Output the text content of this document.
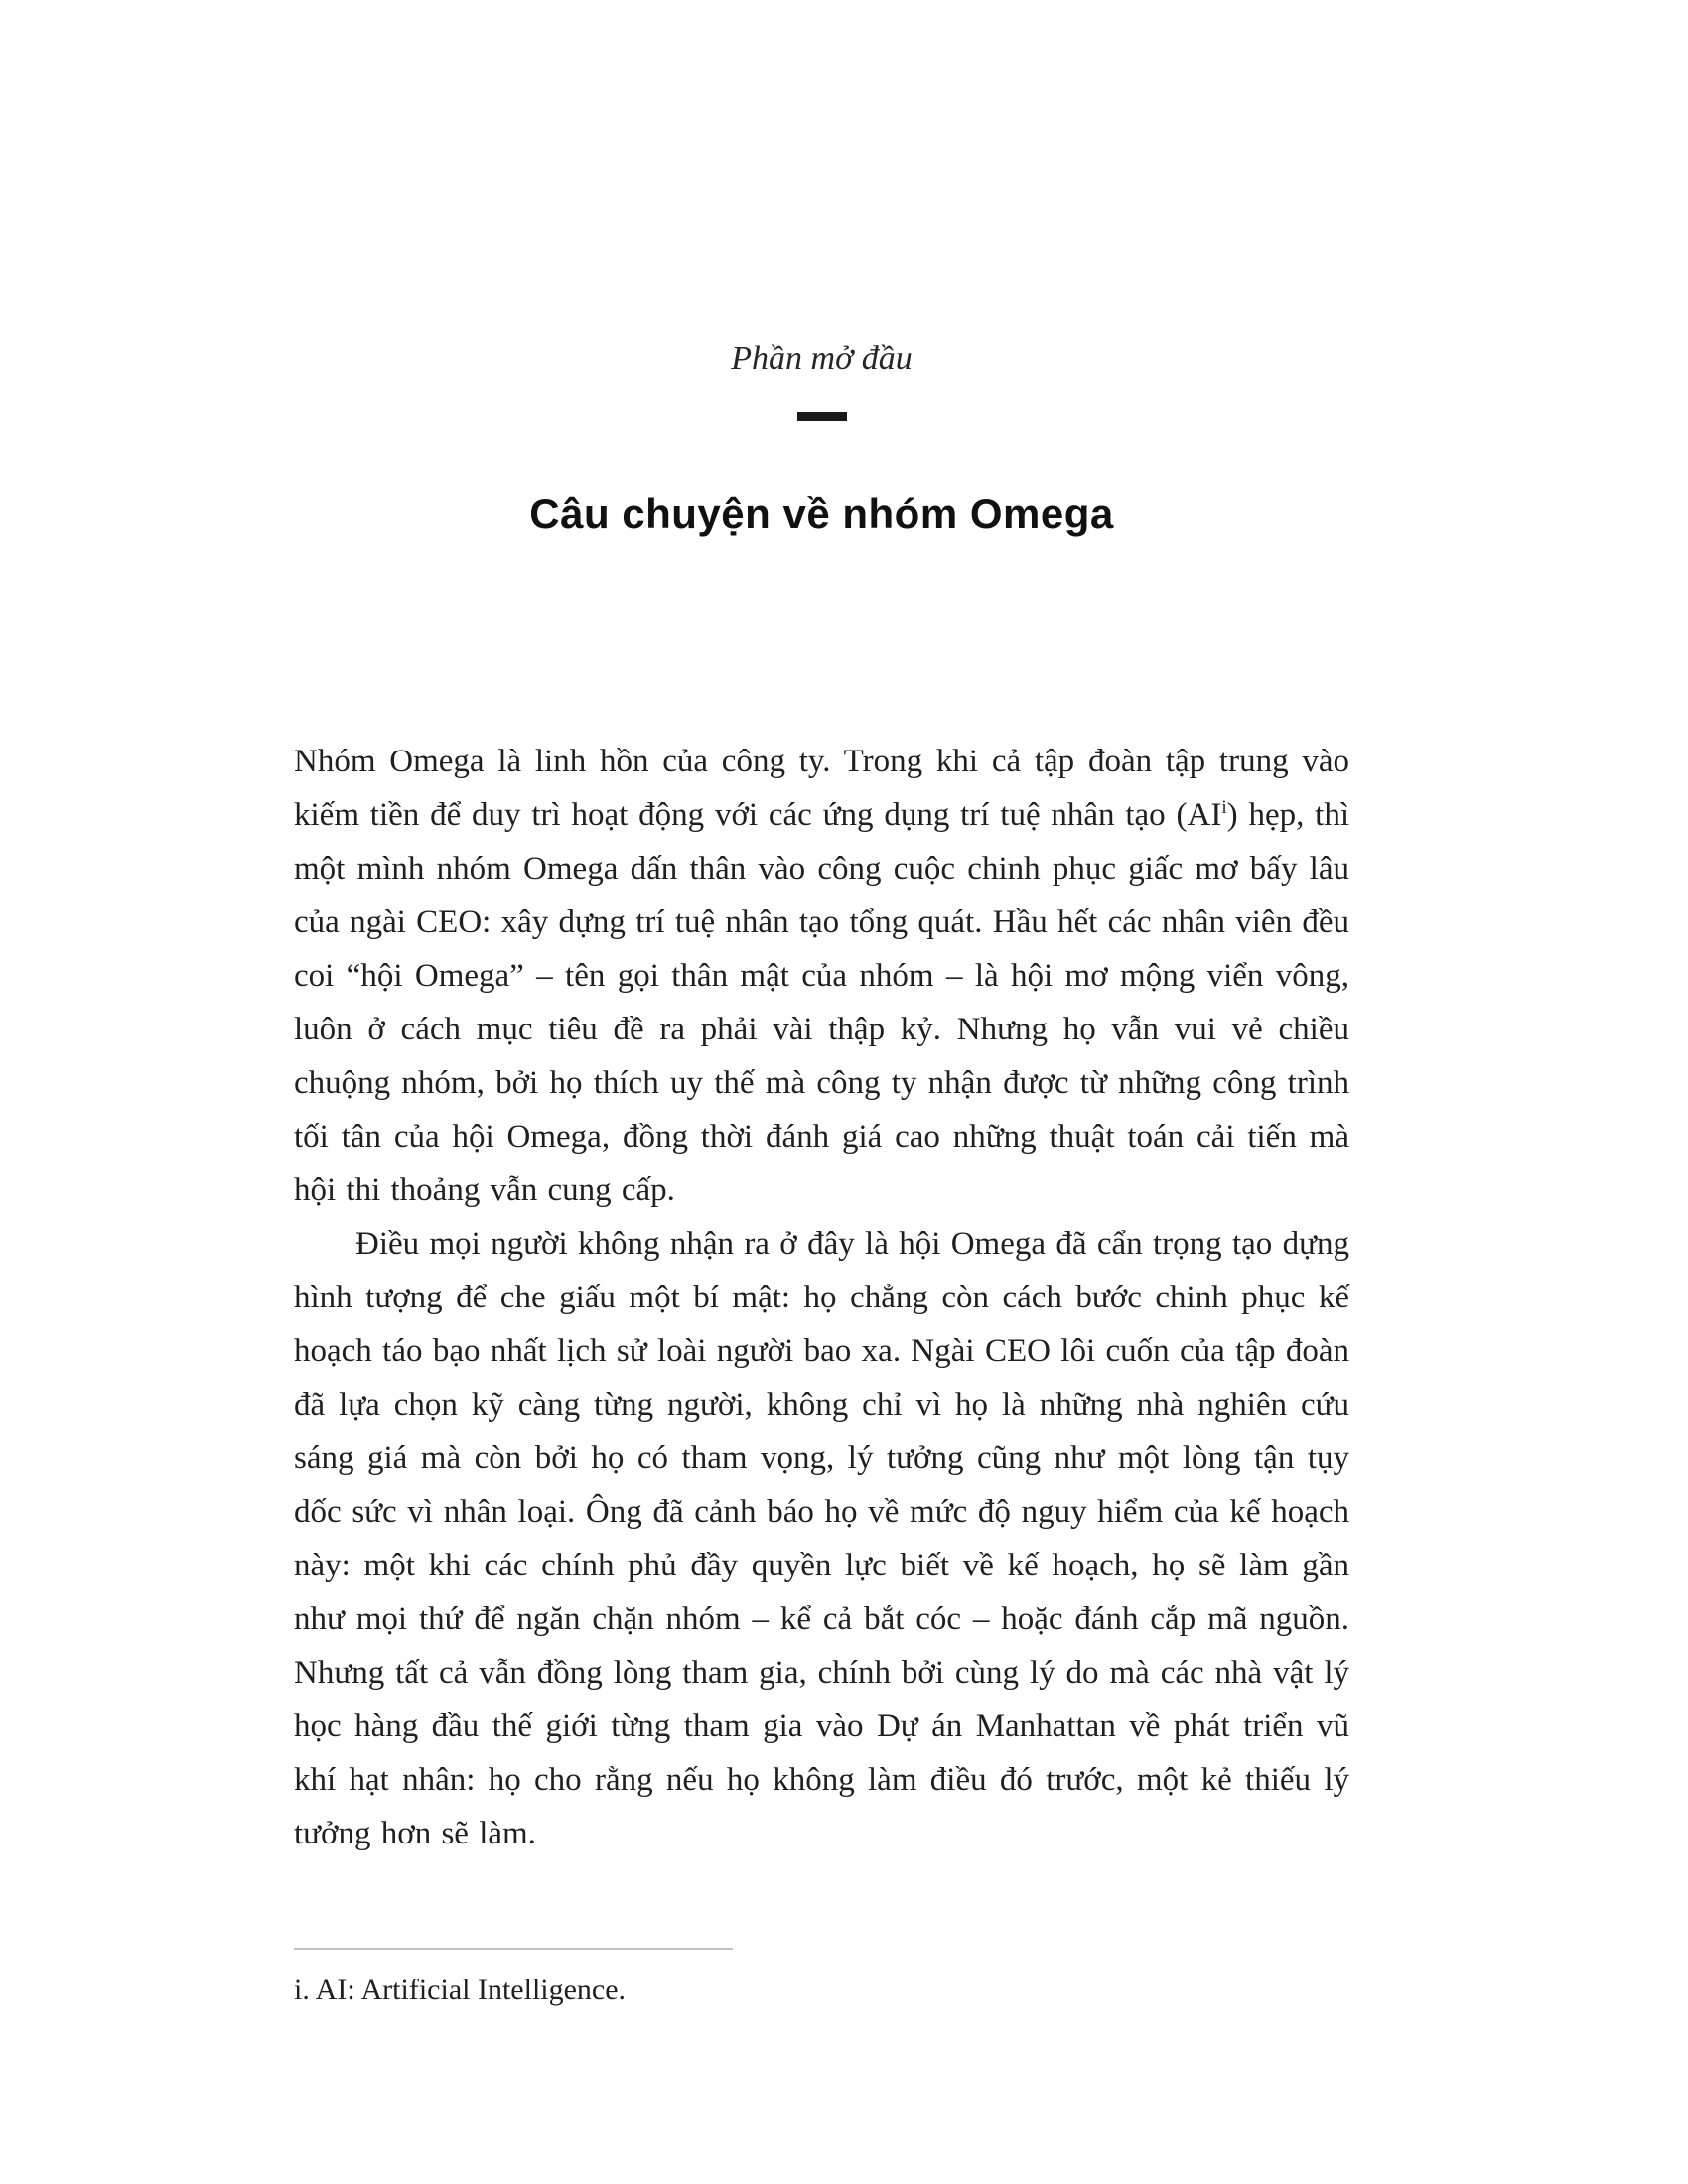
Phần mở đầu
Câu chuyện về nhóm Omega

Nhóm Omega là linh hồn của công ty. Trong khi cả tập đoàn tập trung vào kiếm tiền để duy trì hoạt động với các ứng dụng trí tuệ nhân tạo (AI$^i$) hẹp, thì một mình nhóm Omega dấn thân vào công cuộc chinh phục giấc mơ bấy lâu của ngài CEO: xây dựng trí tuệ nhân tạo tổng quát. Hầu hết các nhân viên đều coi “hội Omega” – tên gọi thân mật của nhóm – là hội mơ mộng viển vông, luôn ở cách mục tiêu đề ra phải vài thập kỷ. Nhưng họ vẫn vui vẻ chiều chuộng nhóm, bởi họ thích uy thế mà công ty nhận được từ những công trình tối tân của hội Omega, đồng thời đánh giá cao những thuật toán cải tiến mà hội thi thoảng vẫn cung cấp.

Điều mọi người không nhận ra ở đây là hội Omega đã cẩn trọng tạo dựng hình tượng để che giấu một bí mật: họ chẳng còn cách bước chinh phục kế hoạch táo bạo nhất lịch sử loài người bao xa. Ngài CEO lôi cuốn của tập đoàn đã lựa chọn kỹ càng từng người, không chỉ vì họ là những nhà nghiên cứu sáng giá mà còn bởi họ có tham vọng, lý tưởng cũng như một lòng tận tụy dốc sức vì nhân loại. Ông đã cảnh báo họ về mức độ nguy hiểm của kế hoạch này: một khi các chính phủ đầy quyền lực biết về kế hoạch, họ sẽ làm gần như mọi thứ để ngăn chặn nhóm – kể cả bắt cóc – hoặc đánh cắp mã nguồn. Nhưng tất cả vẫn đồng lòng tham gia, chính bởi cùng lý do mà các nhà vật lý học hàng đầu thế giới từng tham gia vào Dự án Manhattan về phát triển vũ khí hạt nhân: họ cho rằng nếu họ không làm điều đó trước, một kẻ thiếu lý tưởng hơn sẽ làm.

i. AI: Artificial Intelligence.
